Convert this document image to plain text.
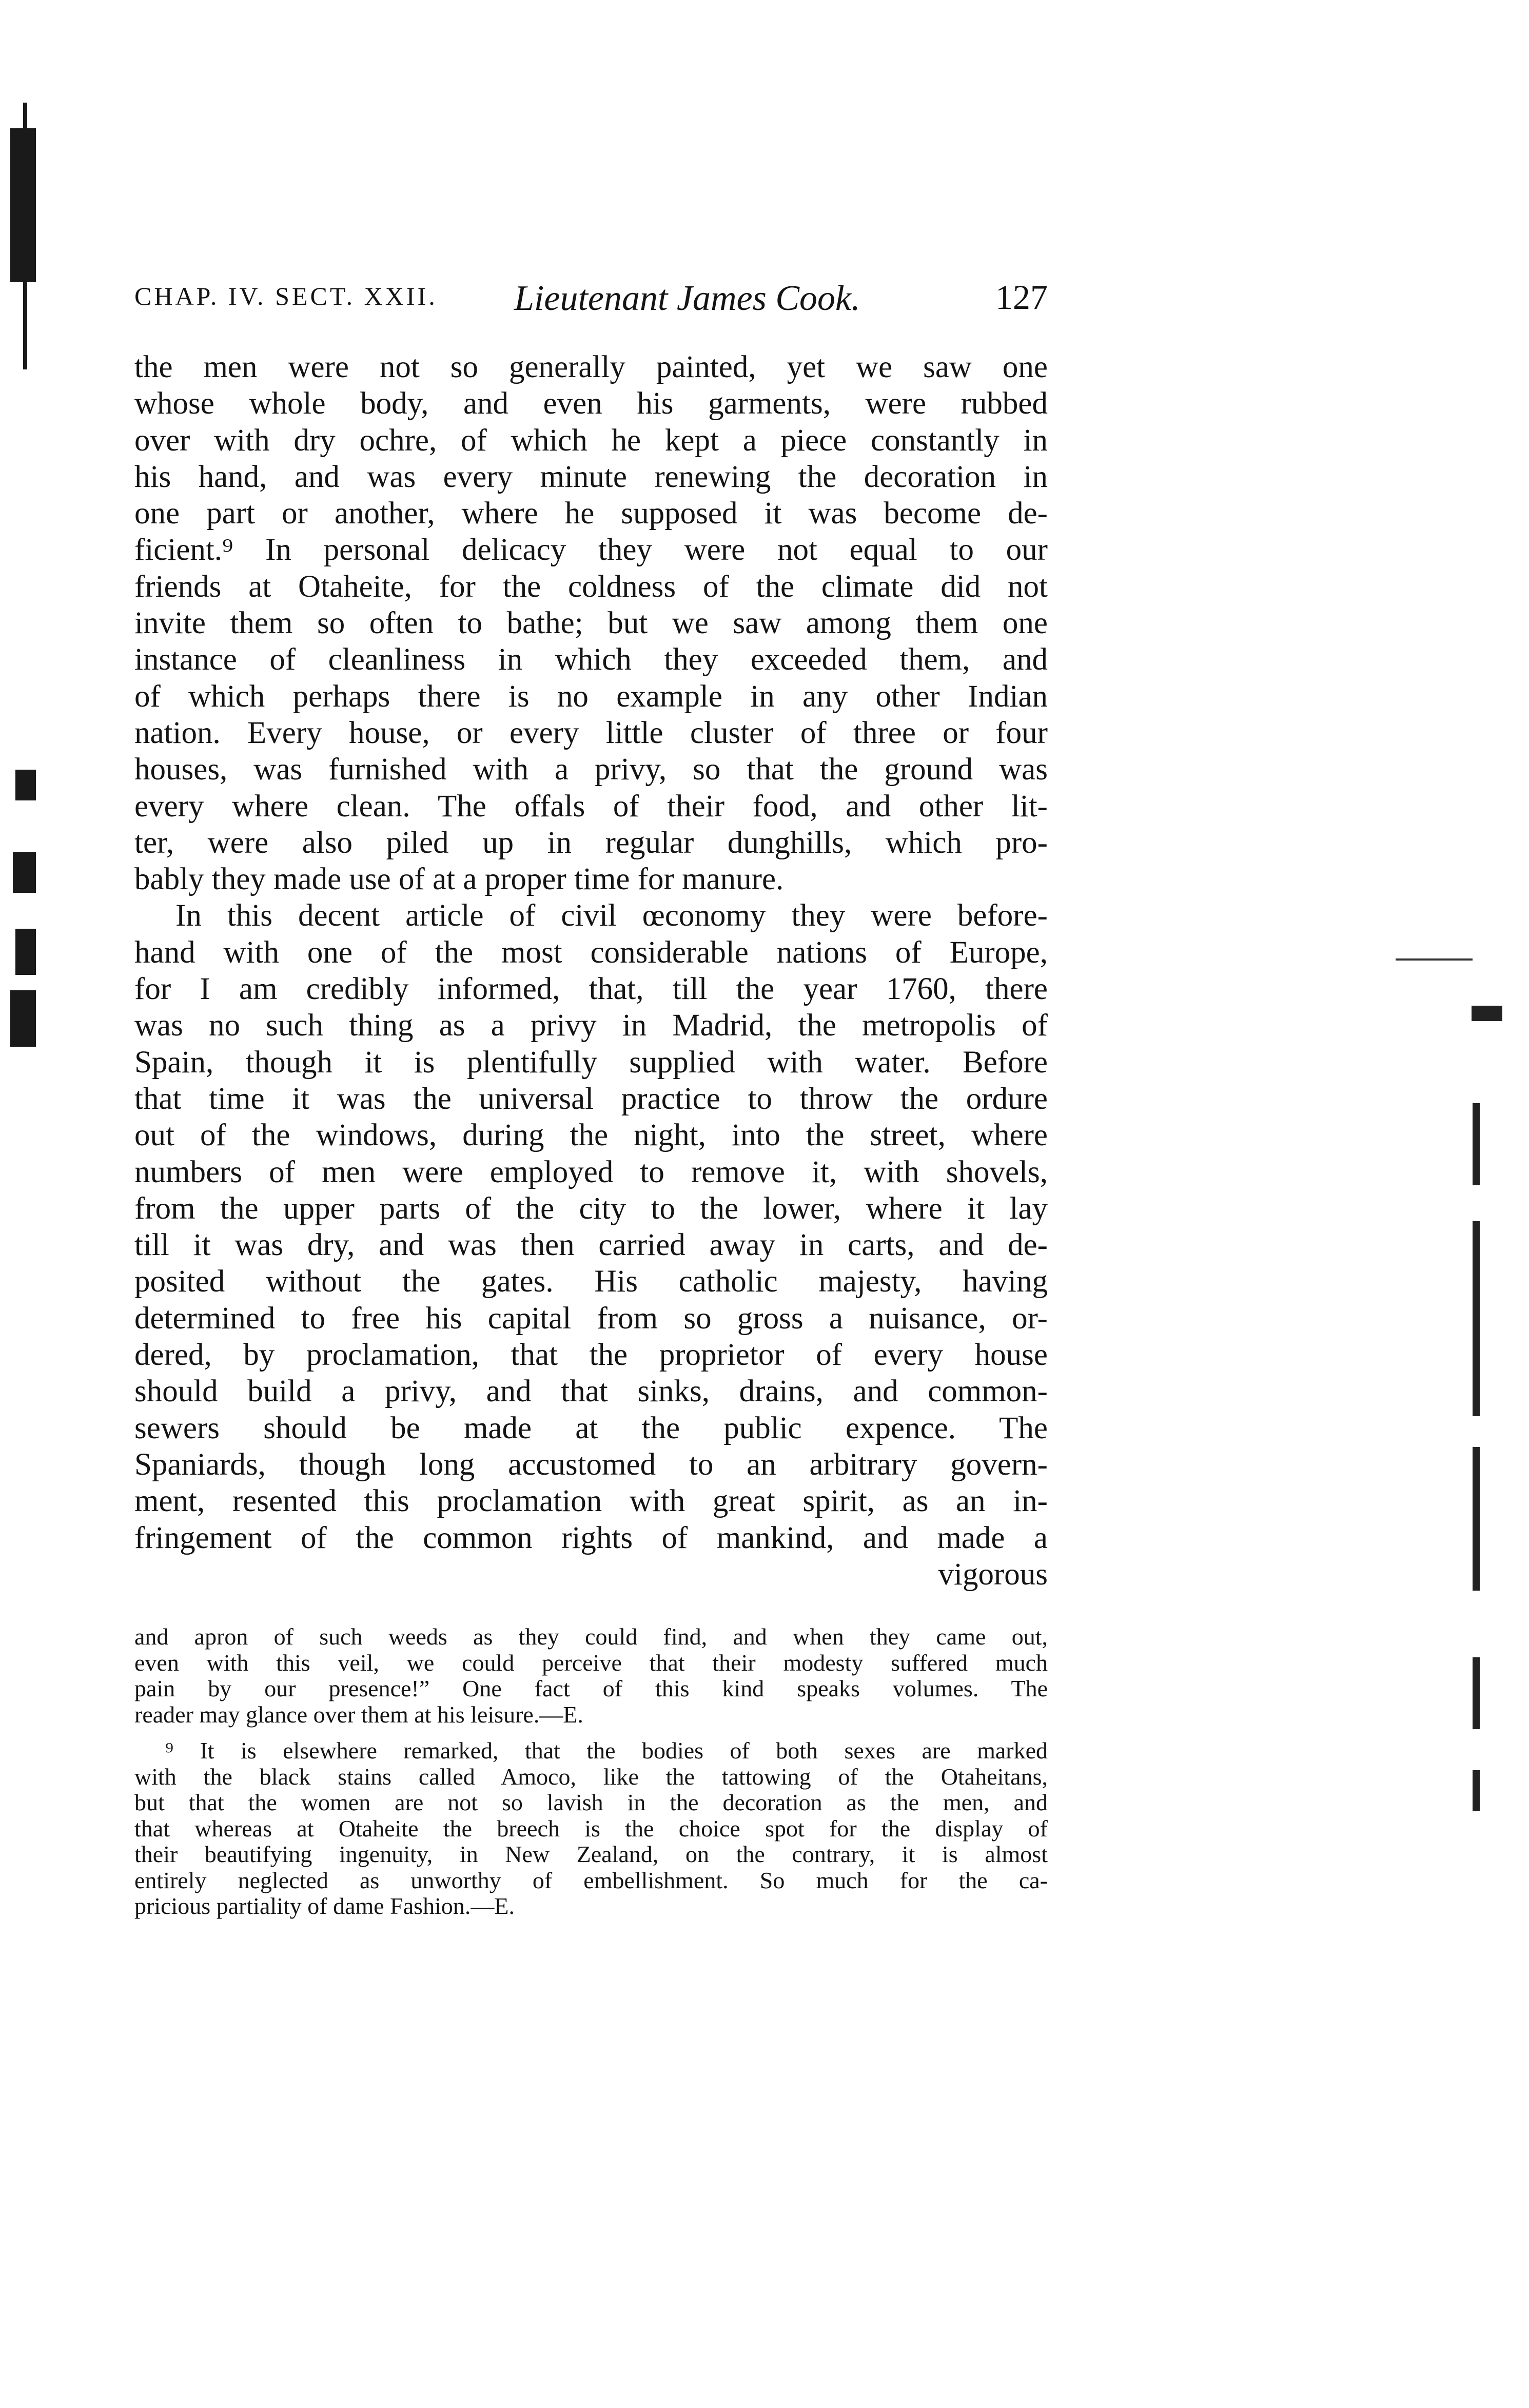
CHAP. IV. SECT. XXII. Lieutenant James Cook.	127
the men were not so generally painted, yet we saw one
whose whole body, and even his garments, were rubbed
over with dry ochre, of which he kept a piece constantly in
his hand, and was every minute renewing the decoration in
one part or another, where he supposed it was become de-
ficient.⁹ In personal delicacy they were not equal to our
friends at Otaheite, for the coldness of the climate did not
invite them so often to bathe; but we saw among them one
instance of cleanliness in which they exceeded them, and
of which perhaps there is no example in any other Indian
nation. Every house, or every little cluster of three or four
houses, was furnished with a privy, so that the ground was
every where clean. The offals of their food, and other lit-
ter, were also piled up in regular dunghills, which pro-
bably they made use of at a proper time for manure.
In this decent article of civil œconomy they were before-
hand with one of the most considerable nations of Europe,
for I am credibly informed, that, till the year 1760, there
was no such thing as a privy in Madrid, the metropolis of
Spain, though it is plentifully supplied with water. Before
that time it was the universal practice to throw the ordure
out of the windows, during the night, into the street, where
numbers of men were employed to remove it, with shovels,
from the upper parts of the city to the lower, where it lay
till it was dry, and was then carried away in carts, and de-
posited without the gates. His catholic majesty, having
determined to free his capital from so gross a nuisance, or-
dered, by proclamation, that the proprietor of every house
should build a privy, and that sinks, drains, and common-
sewers should be made at the public expence. The
Spaniards, though long accustomed to an arbitrary govern-
ment, resented this proclamation with great spirit, as an in-
fringement of the common rights of mankind, and made a
vigorous
and apron of such weeds as they could find, and when they came out,
even with this veil, we could perceive that their modesty suffered much
pain by our presence!” One fact of this kind speaks volumes. The
reader may glance over them at his leisure.—E.
⁹ It is elsewhere remarked, that the bodies of both sexes are marked
with the black stains called Amoco, like the tattowing of the Otaheitans,
but that the women are not so lavish in the decoration as the men, and
that whereas at Otaheite the breech is the choice spot for the display of
their beautifying ingenuity, in New Zealand, on the contrary, it is almost
entirely neglected as unworthy of embellishment. So much for the ca-
pricious partiality of dame Fashion.—E.
